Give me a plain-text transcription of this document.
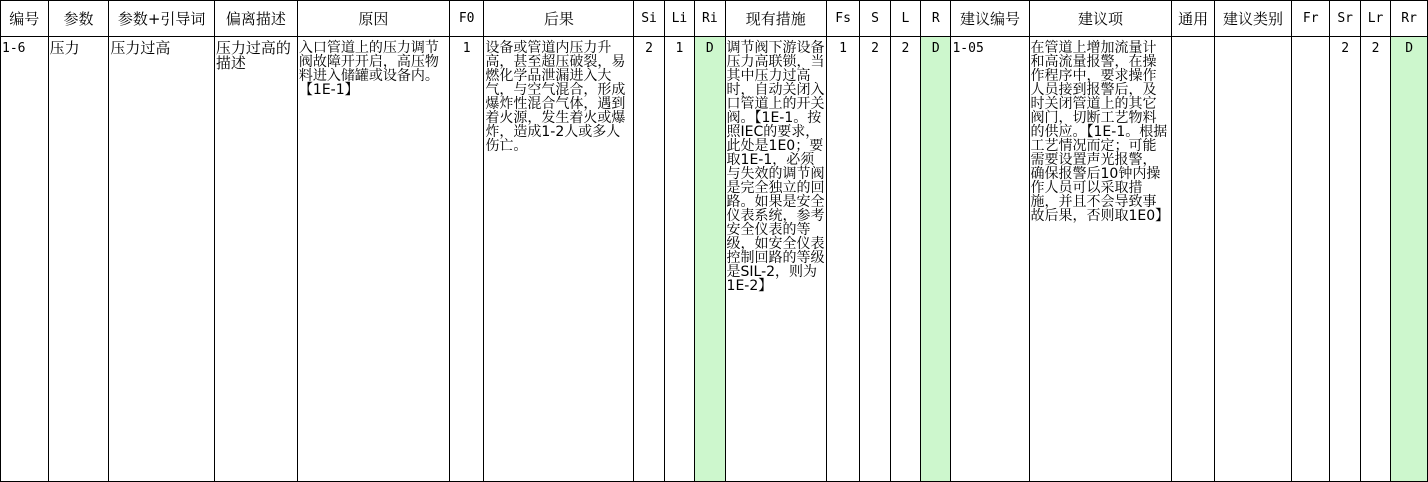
编号	参数	参数+引导词	偏离描述	原因	F0	后果	Si	Li	Ri	现有措施	Fs	S	L	R	建议编号	建议项	通用	建议类别	Fr	Sr	Lr	Rr
1-6	压力	压力过高	压力过高的描述	入口管道上的压力调节阀故障开开启，高压物料进入储罐或设备内。【1E-1】	1	设备或管道内压力升高，甚至超压破裂，易燃化学品泄漏进入大气，与空气混合，形成爆炸性混合气体，遇到着火源，发生着火或爆炸，造成1-2人或多人伤亡。	2	1	D	调节阀下游设备压力高联锁，当其中压力过高时，自动关闭入口管道上的开关阀。【1E-1。按照IEC的要求，此处是1E0；要取1E-1，必须与失效的调节阀是完全独立的回路。如果是安全仪表系统，参考安全仪表的等级，如安全仪表控制回路的等级是SIL-2，则为1E-2】	1	2	2	D	1-05	在管道上增加流量计和高流量报警，在操作程序中，要求操作人员接到报警后，及时关闭管道上的其它阀门，切断工艺物料的供应。【1E-1。根据工艺情况而定；可能需要设置声光报警，确保报警后10钟内操作人员可以采取措施，并且不会导致事故后果，否则取1E0】				2	2	D
